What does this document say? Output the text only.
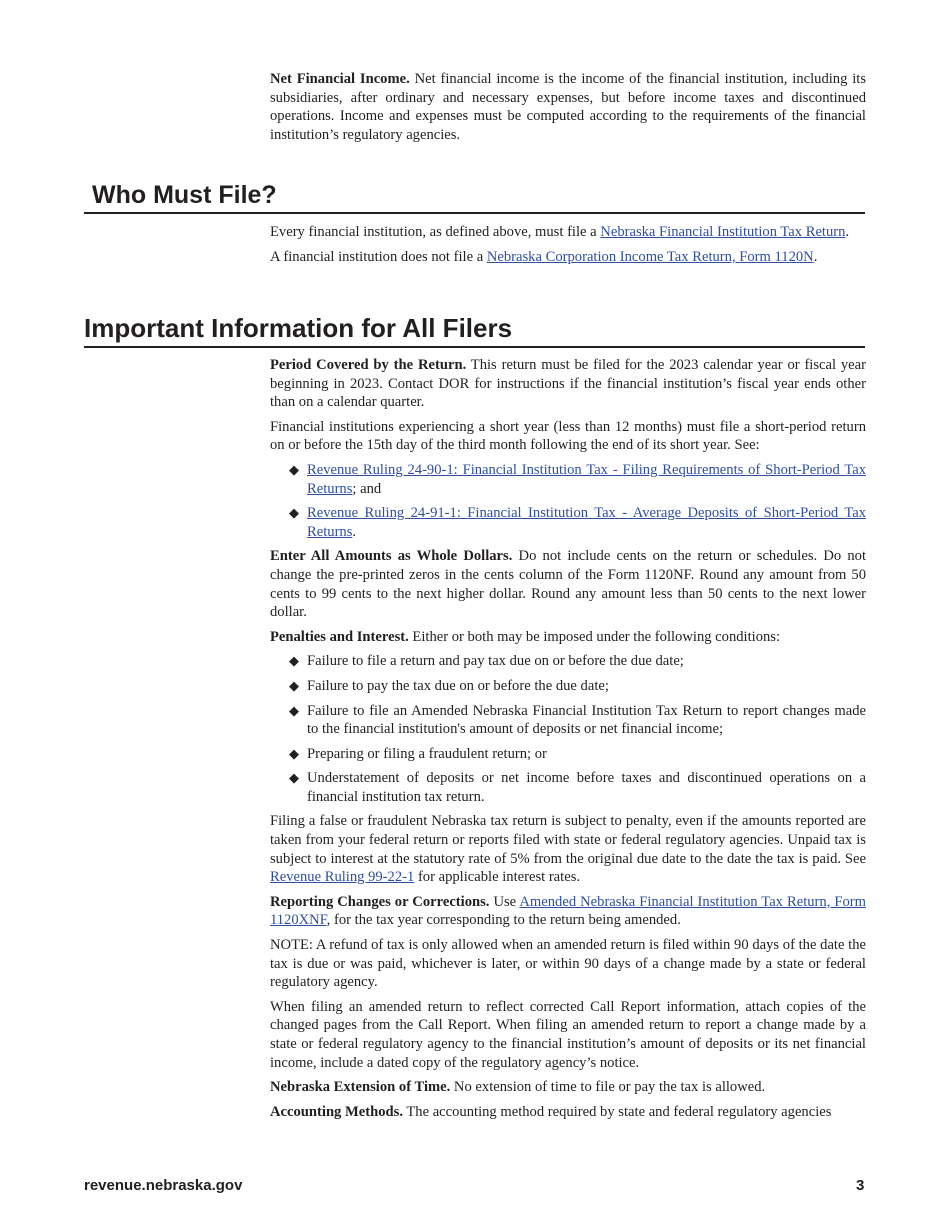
Net Financial Income. Net financial income is the income of the financial institution, including its subsidiaries, after ordinary and necessary expenses, but before income taxes and discontinued operations. Income and expenses must be computed according to the requirements of the financial institution’s regulatory agencies.

Who Must File?

Every financial institution, as defined above, must file a Nebraska Financial Institution Tax Return.

A financial institution does not file a Nebraska Corporation Income Tax Return, Form 1120N.

Important Information for All Filers

Period Covered by the Return. This return must be filed for the 2023 calendar year or fiscal year beginning in 2023. Contact DOR for instructions if the financial institution’s fiscal year ends other than on a calendar quarter.

Financial institutions experiencing a short year (less than 12 months) must file a short-period return on or before the 15th day of the third month following the end of its short year. See:

◆ Revenue Ruling 24-90-1: Financial Institution Tax - Filing Requirements of Short-Period Tax Returns; and
◆ Revenue Ruling 24-91-1: Financial Institution Tax - Average Deposits of Short-Period Tax Returns.

Enter All Amounts as Whole Dollars. Do not include cents on the return or schedules. Do not change the pre-printed zeros in the cents column of the Form 1120NF. Round any amount from 50 cents to 99 cents to the next higher dollar. Round any amount less than 50 cents to the next lower dollar.

Penalties and Interest. Either or both may be imposed under the following conditions:

◆ Failure to file a return and pay tax due on or before the due date;
◆ Failure to pay the tax due on or before the due date;
◆ Failure to file an Amended Nebraska Financial Institution Tax Return to report changes made to the financial institution's amount of deposits or net financial income;
◆ Preparing or filing a fraudulent return; or
◆ Understatement of deposits or net income before taxes and discontinued operations on a financial institution tax return.

Filing a false or fraudulent Nebraska tax return is subject to penalty, even if the amounts reported are taken from your federal return or reports filed with state or federal regulatory agencies. Unpaid tax is subject to interest at the statutory rate of 5% from the original due date to the date the tax is paid. See Revenue Ruling 99-22-1 for applicable interest rates.

Reporting Changes or Corrections. Use Amended Nebraska Financial Institution Tax Return, Form 1120XNF, for the tax year corresponding to the return being amended.

NOTE: A refund of tax is only allowed when an amended return is filed within 90 days of the date the tax is due or was paid, whichever is later, or within 90 days of a change made by a state or federal regulatory agency.

When filing an amended return to reflect corrected Call Report information, attach copies of the changed pages from the Call Report. When filing an amended return to report a change made by a state or federal regulatory agency to the financial institution’s amount of deposits or its net financial income, include a dated copy of the regulatory agency’s notice.

Nebraska Extension of Time. No extension of time to file or pay the tax is allowed.

Accounting Methods. The accounting method required by state and federal regulatory agencies

revenue.nebraska.gov	3
